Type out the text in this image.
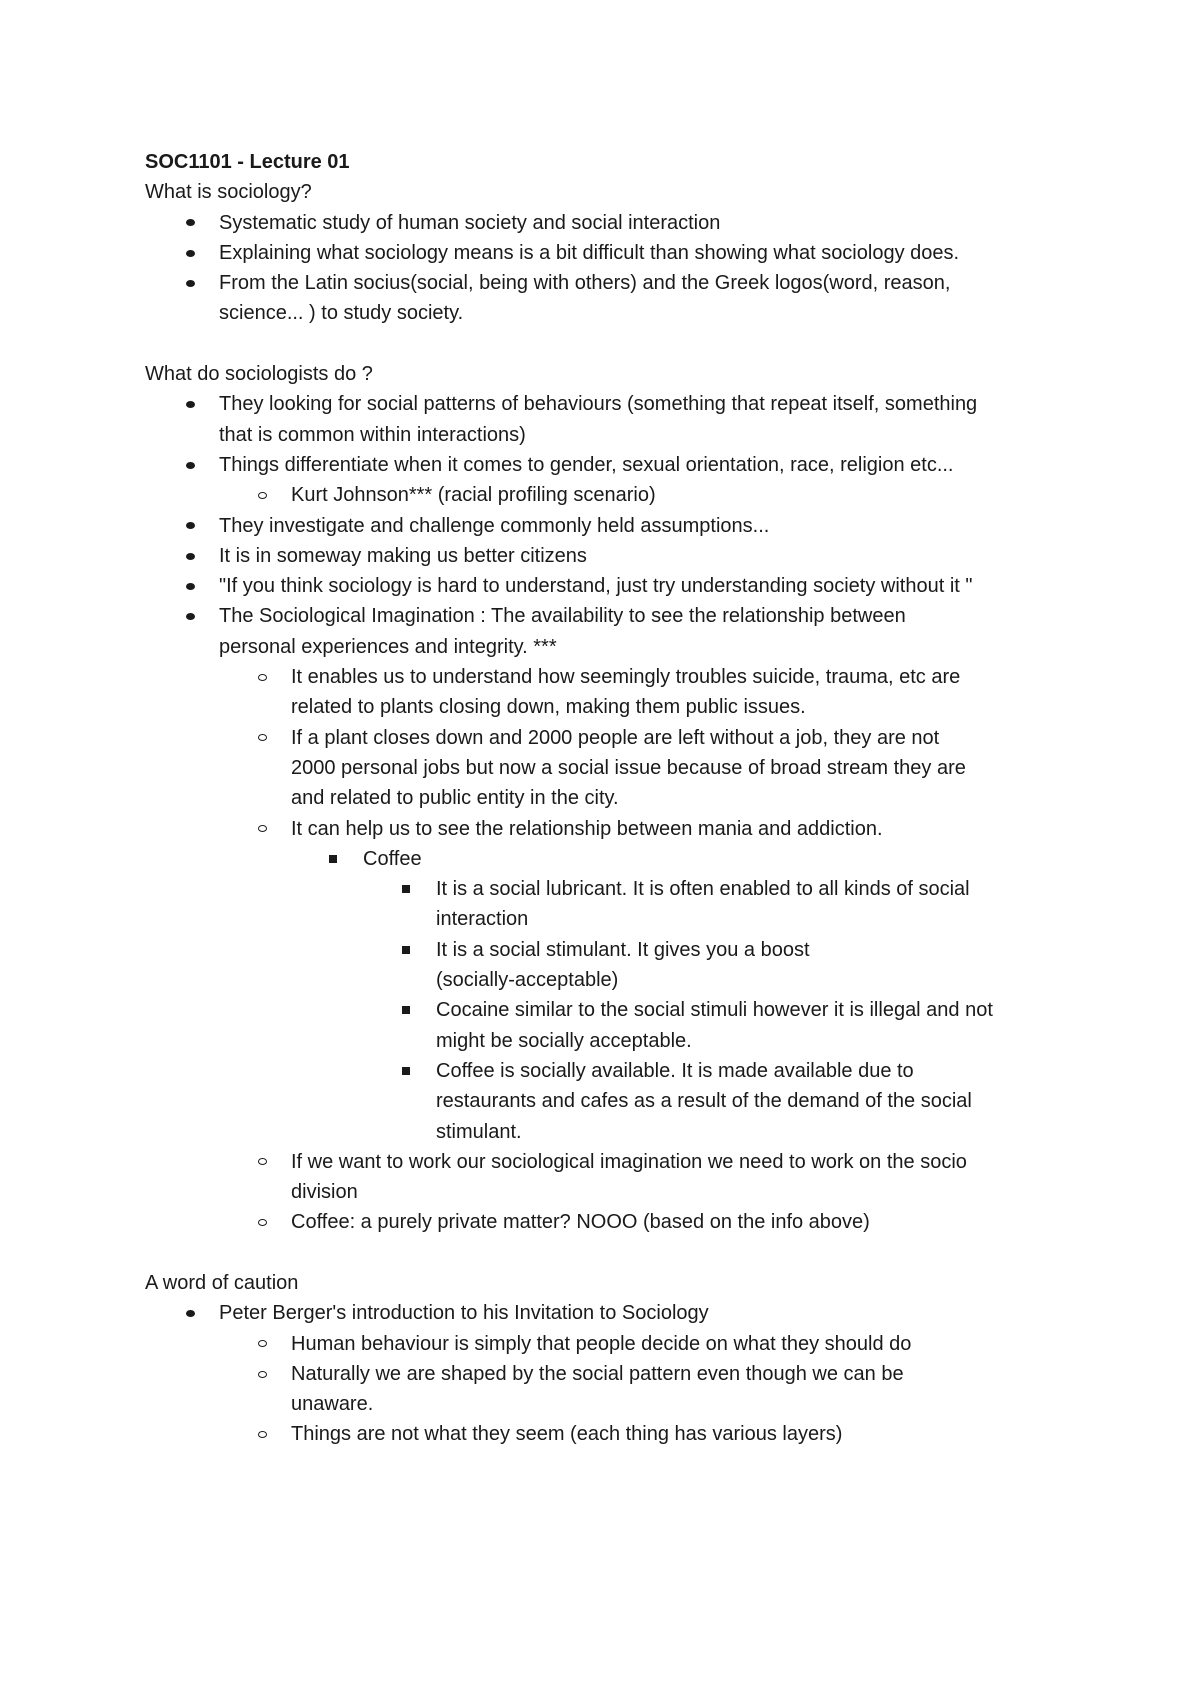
SOC1101 - Lecture 01

What is sociology?

Systematic study of human society and social interaction
Explaining what sociology means is a bit difficult than showing what sociology does.
From the Latin socius(social, being with others) and the Greek logos(word, reason, science... ) to study society.

What do sociologists do ?

They looking for social patterns of behaviours (something that repeat itself, something that is common within interactions)
Things differentiate when it comes to gender, sexual orientation, race, religion etc...
Kurt Johnson*** (racial profiling scenario)
They investigate and challenge commonly held assumptions...
It is in someway making us better citizens
"If you think sociology is hard to understand, just try understanding society without it "
The Sociological Imagination : The availability to see the relationship between personal experiences and integrity. ***
It enables us to understand how seemingly troubles suicide, trauma, etc are related to plants closing down, making them public issues.
If a plant closes down and 2000 people are left without a job, they are not 2000 personal jobs but now a social issue because of broad stream they are and related to public entity in the city.
It can help us to see the relationship between mania and addiction.
Coffee
It is a social lubricant. It is often enabled to all kinds of social interaction
It is a social stimulant. It gives you a boost (socially-acceptable)
Cocaine similar to the social stimuli however it is illegal and not might be socially acceptable.
Coffee is socially available. It is made available due to restaurants and cafes as a result of the demand of the social stimulant.
If we want to work our sociological imagination we need to work on the socio division
Coffee: a purely private matter? NOOO (based on the info above)

A word of caution

Peter Berger's introduction to his Invitation to Sociology
Human behaviour is simply that people decide on what they should do
Naturally we are shaped by the social pattern even though we can be unaware.
Things are not what they seem (each thing has various layers)
